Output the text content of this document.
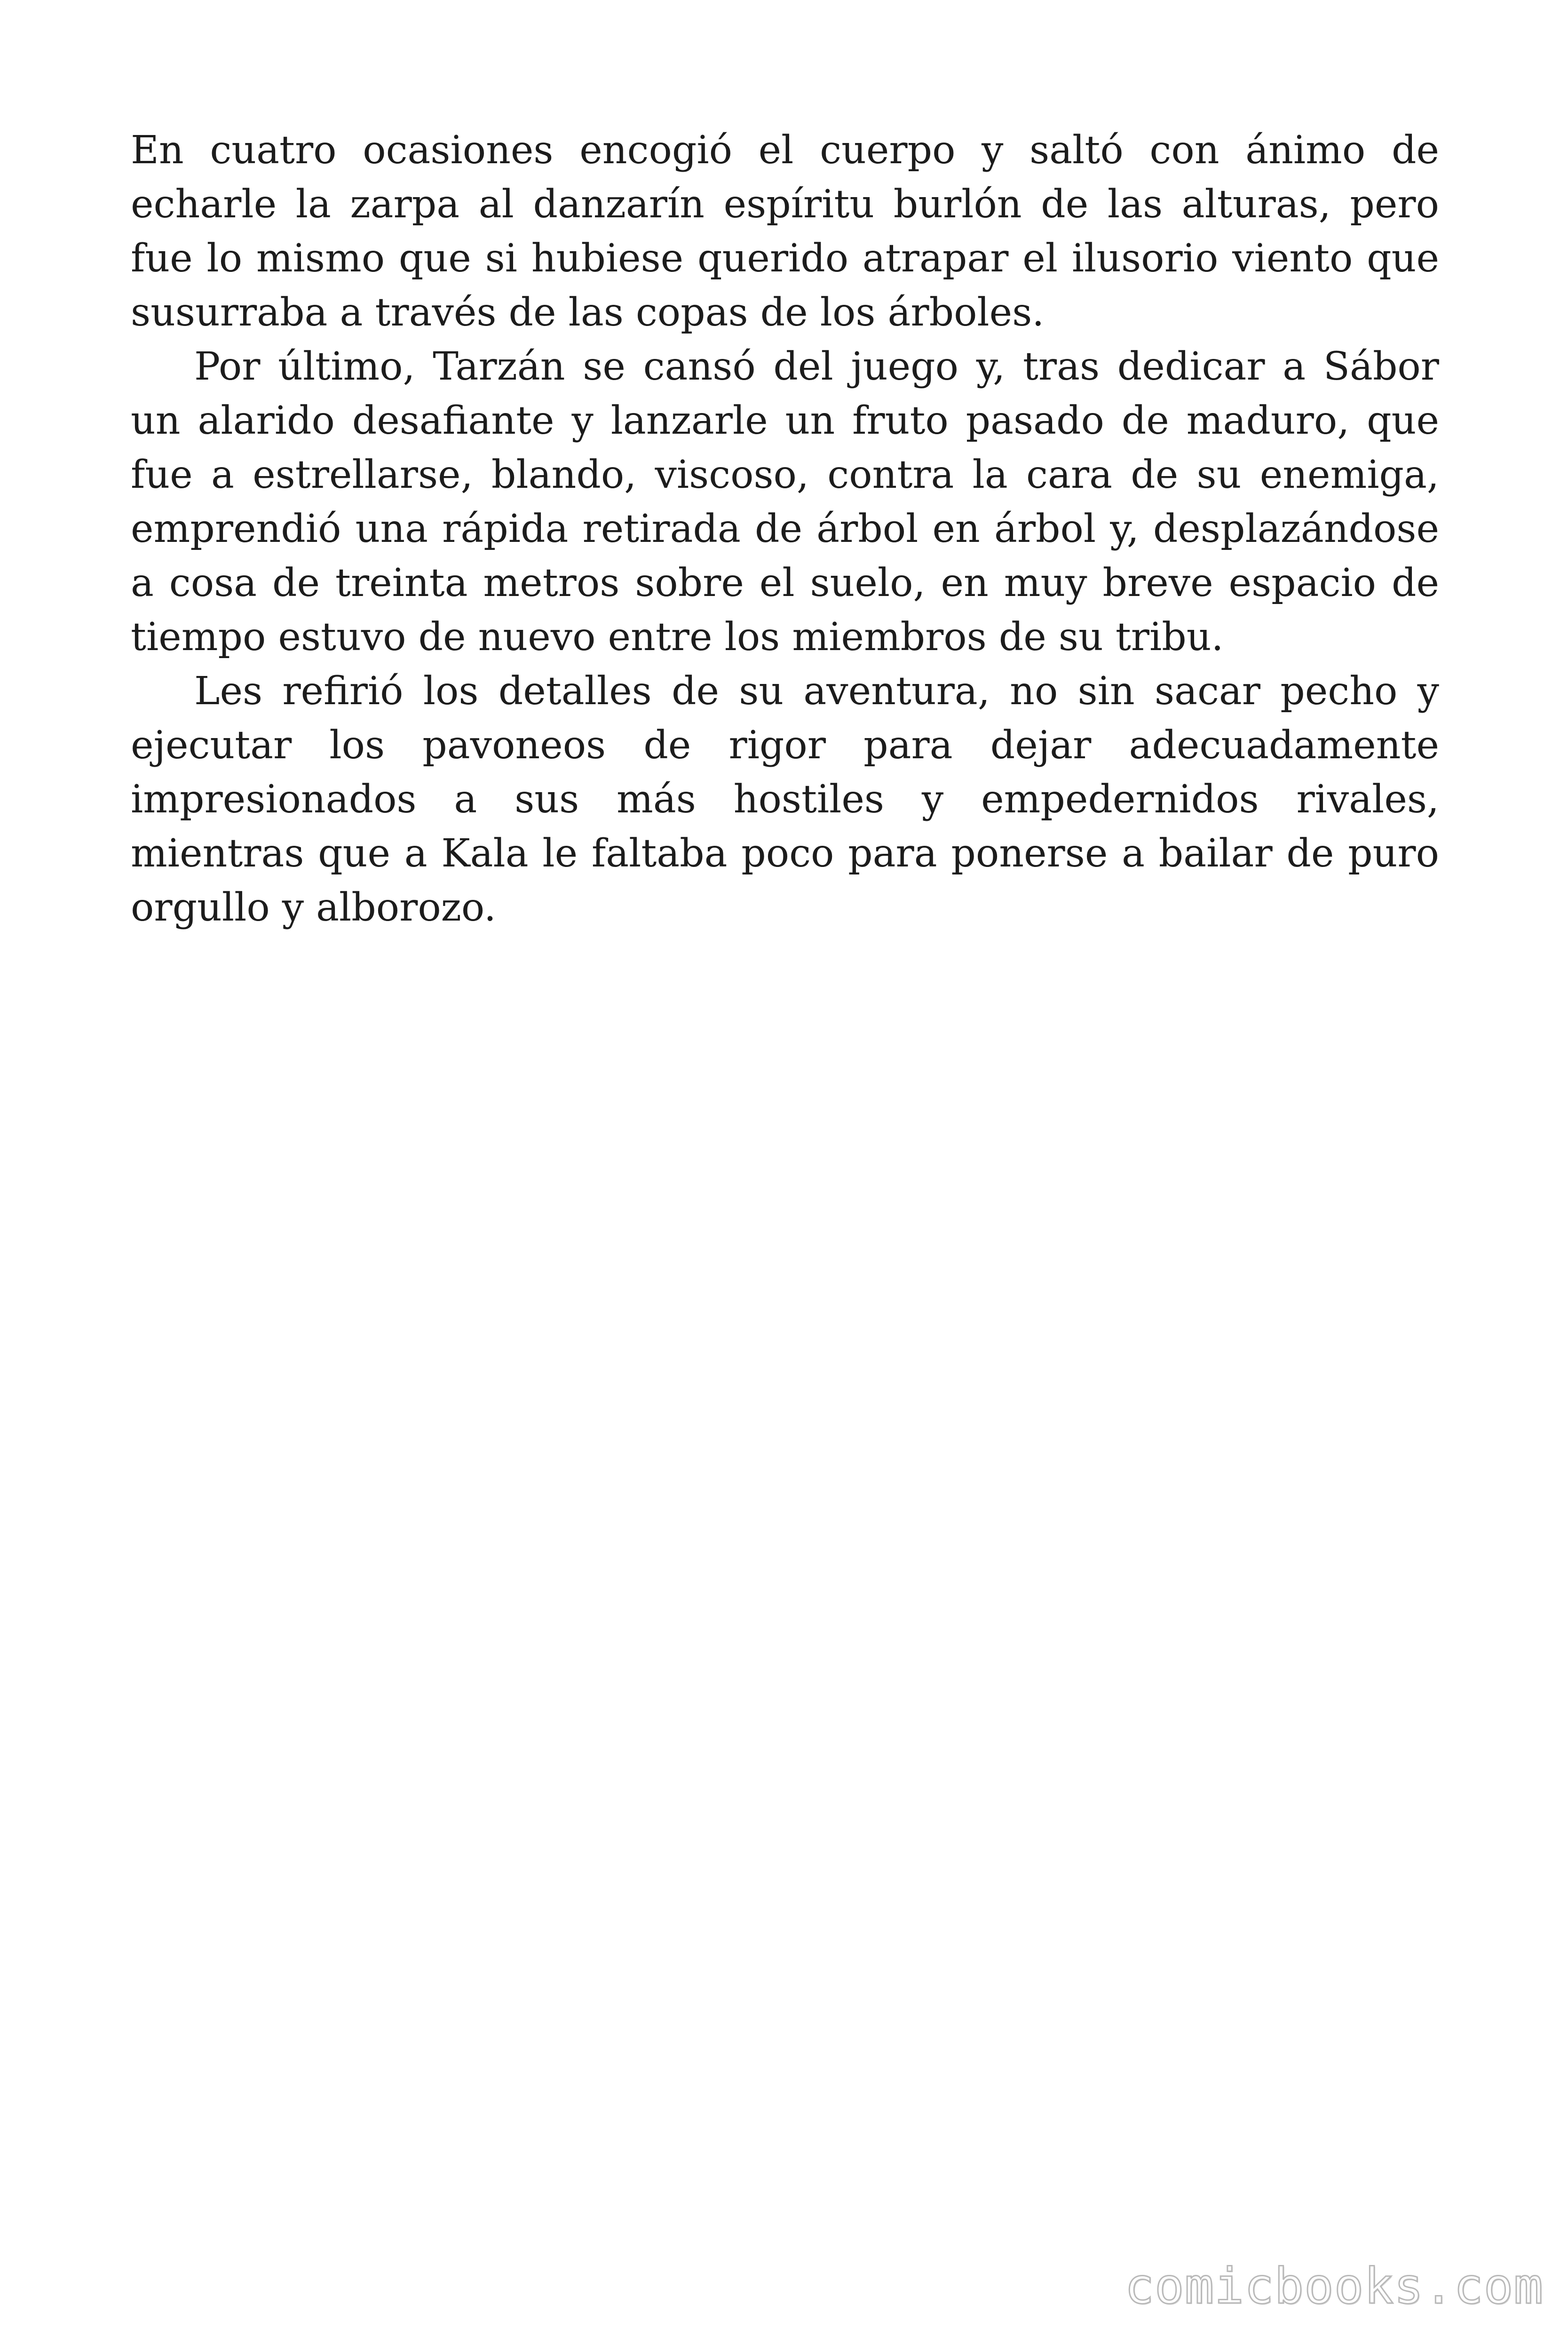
En cuatro ocasiones encogió el cuerpo y saltó con ánimo de echarle la zarpa al danzarín espíritu burlón de las alturas, pero fue lo mismo que si hubiese querido atrapar el ilusorio viento que susurraba a través de las copas de los árboles.

Por último, Tarzán se cansó del juego y, tras dedicar a Sábor un alarido desafiante y lanzarle un fruto pasado de maduro, que fue a estrellarse, blando, viscoso, contra la cara de su enemiga, emprendió una rápida retirada de árbol en árbol y, desplazándose a cosa de treinta metros sobre el suelo, en muy breve espacio de tiempo estuvo de nuevo entre los miembros de su tribu.

Les refirió los detalles de su aventura, no sin sacar pecho y ejecutar los pavoneos de rigor para dejar adecuadamente impresionados a sus más hostiles y empedernidos rivales, mientras que a Kala le faltaba poco para ponerse a bailar de puro orgullo y alborozo.

comicbooks.com
